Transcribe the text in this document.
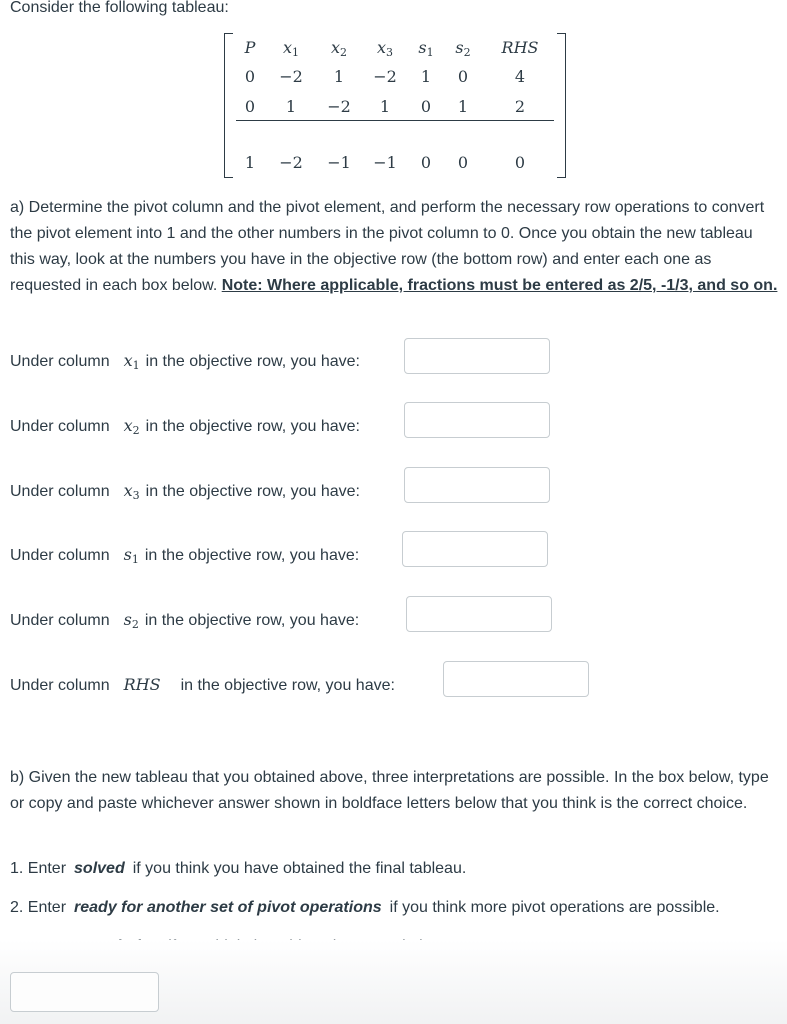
Consider the following tableau:
P	$x_1$	$x_2$	$x_3$	$s_1$	$s_2$	RHS
0	−2	1	−2	1	0	4
0	1	−2	1	0	1	2
1	−2	−1	−1	0	0	0
a) Determine the pivot column and the pivot element, and perform the necessary row operations to convert the pivot element into 1 and the other numbers in the pivot column to 0. Once you obtain the new tableau this way, look at the numbers you have in the objective row (the bottom row) and enter each one as requested in each box below. Note: Where applicable, fractions must be entered as 2/5, -1/3, and so on.
Under column $x_1$ in the objective row, you have:
Under column $x_2$ in the objective row, you have:
Under column $x_3$ in the objective row, you have:
Under column $s_1$ in the objective row, you have:
Under column $s_2$ in the objective row, you have:
Under column RHS in the objective row, you have:
b) Given the new tableau that you obtained above, three interpretations are possible. In the box below, type or copy and paste whichever answer shown in boldface letters below that you think is the correct choice.
1. Enter solved if you think you have obtained the final tableau.
2. Enter ready for another set of pivot operations if you think more pivot operations are possible.
